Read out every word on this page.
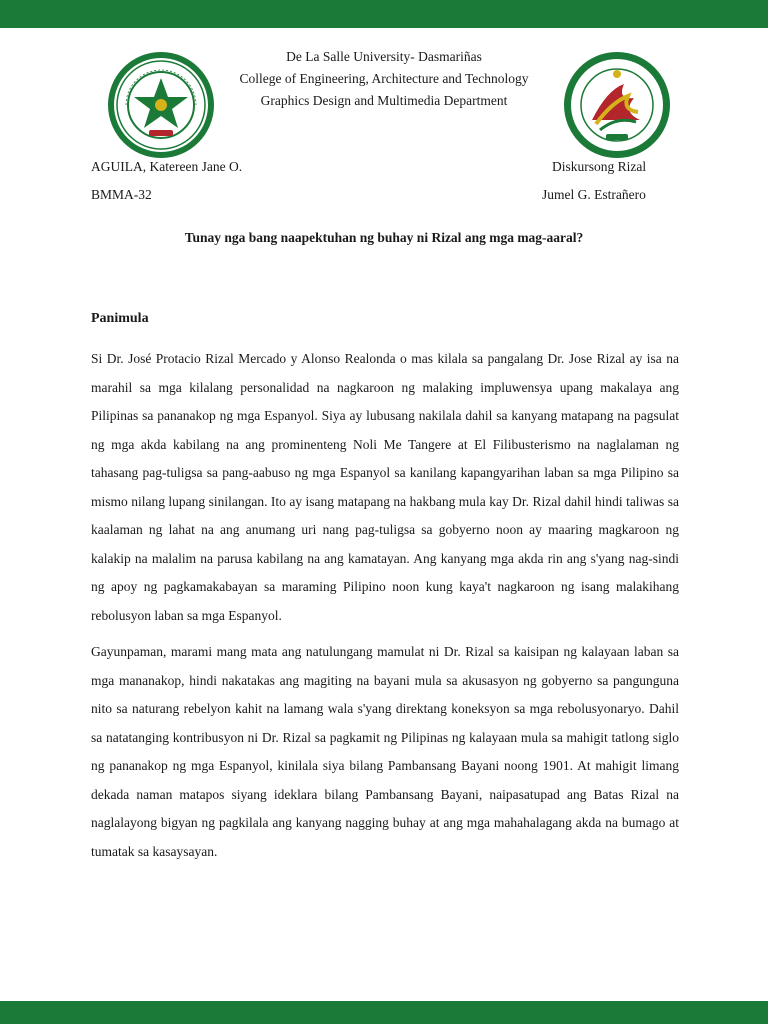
De La Salle University- Dasmariñas
College of Engineering, Architecture and Technology
Graphics Design and Multimedia Department
AGUILA, Katereen Jane O.
BMMA-32
Diskursong Rizal
Jumel G. Estrañero
Tunay nga bang naapektuhan ng buhay ni Rizal ang mga mag-aaral?
Panimula

Si Dr. José Protacio Rizal Mercado y Alonso Realonda o mas kilala sa pangalang Dr. Jose Rizal ay isa na marahil sa mga kilalang personalidad na nagkaroon ng malaking impluwensya upang makalaya ang Pilipinas sa pananakop ng mga Espanyol. Siya ay lubusang nakilala dahil sa kanyang matapang na pagsulat ng mga akda kabilang na ang prominenteng Noli Me Tangere at El Filibusterismo na naglalaman ng tahasang pag-tuligsa sa pang-aabuso ng mga Espanyol sa kanilang kapangyarihan laban sa mga Pilipino sa mismo nilang lupang sinilangan. Ito ay isang matapang na hakbang mula kay Dr. Rizal dahil hindi taliwas sa kaalaman ng lahat na ang anumang uri nang pag-tuligsa sa gobyerno noon ay maaring magkaroon ng kalakip na malalim na parusa kabilang na ang kamatayan. Ang kanyang mga akda rin ang s'yang nag-sindi ng apoy ng pagkamakabayan sa maraming Pilipino noon kung kaya't nagkaroon ng isang malakihang rebolusyon laban sa mga Espanyol.

Gayunpaman, marami mang mata ang natulungang mamulat ni Dr. Rizal sa kaisipan ng kalayaan laban sa mga mananakop, hindi nakatakas ang magiting na bayani mula sa akusasyon ng gobyerno sa pangunguna nito sa naturang rebelyon kahit na lamang wala s'yang direktang koneksyon sa mga rebolusyonaryo. Dahil sa natatanging kontribusyon ni Dr. Rizal sa pagkamit ng Pilipinas ng kalayaan mula sa mahigit tatlong siglo ng pananakop ng mga Espanyol, kinilala siya bilang Pambansang Bayani noong 1901. At mahigit limang dekada naman matapos siyang ideklara bilang Pambansang Bayani, naipasatupad ang Batas Rizal na naglalayong bigyan ng pagkilala ang kanyang nagging buhay at ang mga mahahalagang akda na bumago at tumatak sa kasaysayan.
